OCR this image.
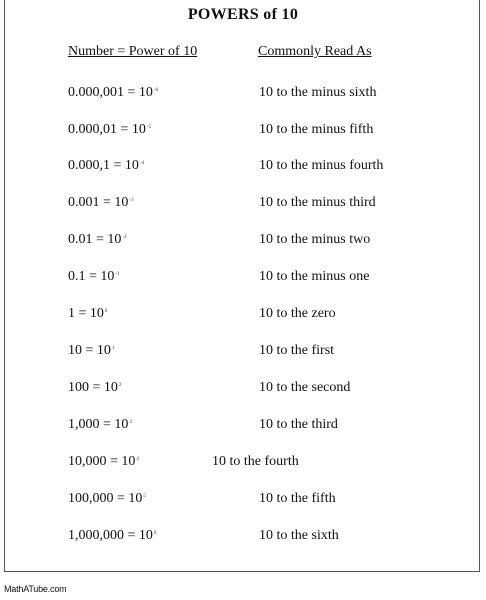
POWERS of 10
Number = Power of 10	Commonly Read As
$0.000,001 = 10^{-6}$	10 to the minus sixth
$0.000,01 = 10^{-5}$	10 to the minus fifth
$0.000,1 = 10^{-4}$	10 to the minus fourth
$0.001 = 10^{-3}$	10 to the minus third
$0.01 = 10^{-2}$	10 to the minus two
$0.1 = 10^{-1}$	10 to the minus one
$1 = 10^0$	10 to the zero
$10 = 10^1$	10 to the first
$100 = 10^2$	10 to the second
$1,000 = 10^3$	10 to the third
$10,000 = 10^4$	10 to the fourth
$100,000 = 10^5$	10 to the fifth
$1,000,000 = 10^6$	10 to the sixth
MathATube.com
